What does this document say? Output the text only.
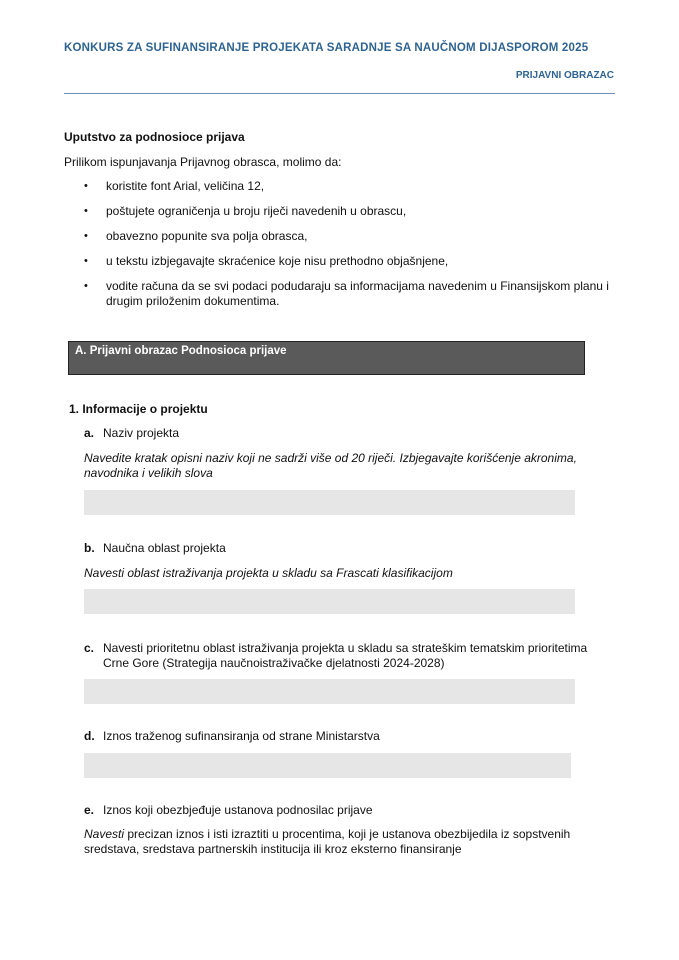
KONKURS ZA SUFINANSIRANJE PROJEKATA SARADNJE SA NAUČNOM DIJASPOROM 2025
PRIJAVNI OBRAZAC
Uputstvo za podnosioce prijava
Prilikom ispunjavanja Prijavnog obrasca, molimo da:
• koristite font Arial, veličina 12,
• poštujete ograničenja u broju riječi navedenih u obrascu,
• obavezno popunite sva polja obrasca,
• u tekstu izbjegavajte skraćenice koje nisu prethodno objašnjene,
• vodite računa da se svi podaci podudaraju sa informacijama navedenim u Finansijskom planu i drugim priloženim dokumentima.
A. Prijavni obrazac Podnosioca prijave
1. Informacije o projektu
a. Naziv projekta
Navedite kratak opisni naziv koji ne sadrži više od 20 riječi. Izbjegavajte korišćenje akronima, navodnika i velikih slova
b. Naučna oblast projekta
Navesti oblast istraživanja projekta u skladu sa Frascati klasifikacijom
c. Navesti prioritetnu oblast istraživanja projekta u skladu sa strateškim tematskim prioritetima Crne Gore (Strategija naučnoistraživačke djelatnosti 2024-2028)
d. Iznos traženog sufinansiranja od strane Ministarstva
e. Iznos koji obezbjeđuje ustanova podnosilac prijave
Navesti precizan iznos i isti izraztiti u procentima, koji je ustanova obezbijedila iz sopstvenih sredstava, sredstava partnerskih institucija ili kroz eksterno finansiranje
